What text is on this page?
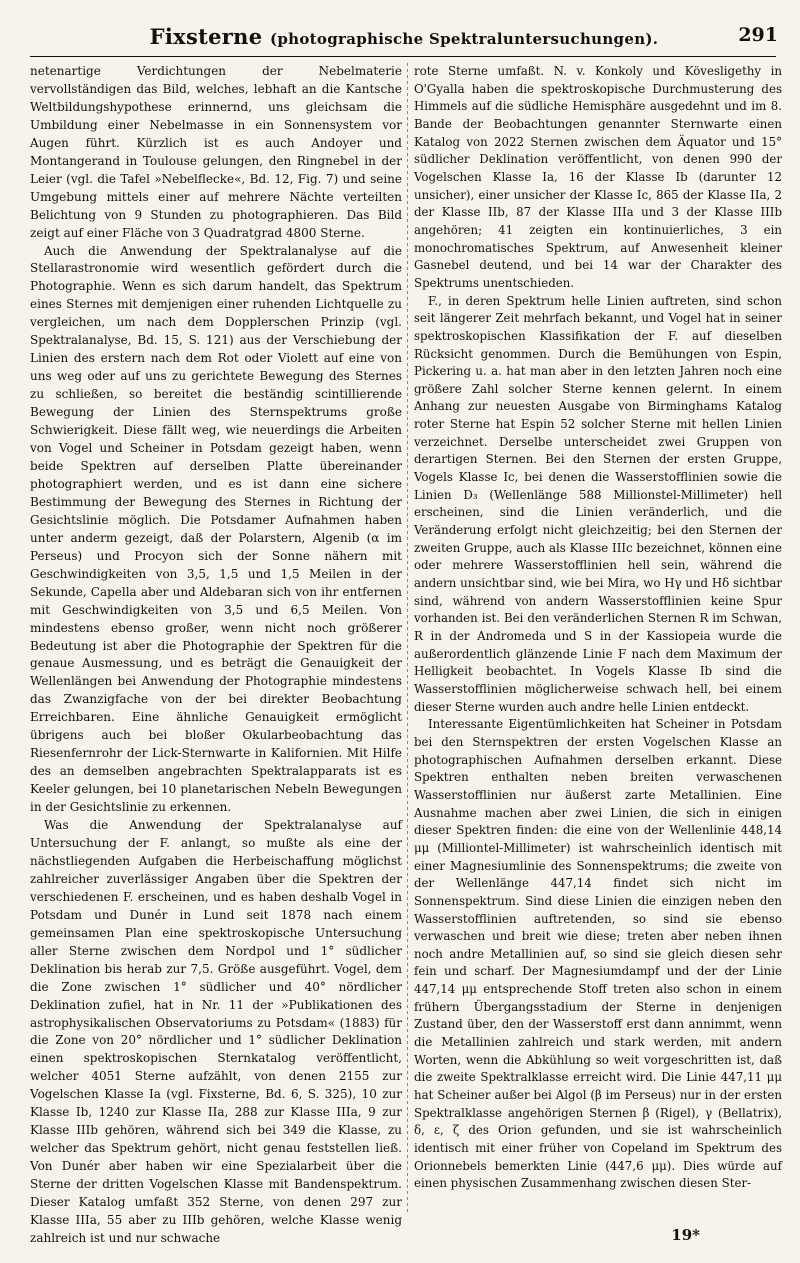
Fixsterne (photographische Spektraluntersuchungen).	291

netenartige Verdichtungen der Nebelmaterie vervollständigen das Bild, welches, lebhaft an die Kantsche Weltbildungshypothese erinnernd, uns gleichsam die Umbildung einer Nebelmasse in ein Sonnensystem vor Augen führt. Kürzlich ist es auch Andoyer und Montangerand in Toulouse gelungen, den Ringnebel in der Leier (vgl. die Tafel »Nebelflecke«, Bd. 12, Fig. 7) und seine Umgebung mittels einer auf mehrere Nächte verteilten Belichtung von 9 Stunden zu photographieren. Das Bild zeigt auf einer Fläche von 3 Quadratgrad 4800 Sterne.

Auch die Anwendung der Spektralanalyse auf die Stellarastronomie wird wesentlich gefördert durch die Photographie. Wenn es sich darum handelt, das Spektrum eines Sternes mit demjenigen einer ruhenden Lichtquelle zu vergleichen, um nach dem Dopplerschen Prinzip (vgl. Spektralanalyse, Bd. 15, S. 121) aus der Verschiebung der Linien des erstern nach dem Rot oder Violett auf eine von uns weg oder auf uns zu gerichtete Bewegung des Sternes zu schließen, so bereitet die beständig scintillierende Bewegung der Linien des Sternspektrums große Schwierigkeit. Diese fällt weg, wie neuerdings die Arbeiten von Vogel und Scheiner in Potsdam gezeigt haben, wenn beide Spektren auf derselben Platte übereinander photographiert werden, und es ist dann eine sichere Bestimmung der Bewegung des Sternes in Richtung der Gesichtslinie möglich. Die Potsdamer Aufnahmen haben unter anderm gezeigt, daß der Polarstern, Algenib (α im Perseus) und Procyon sich der Sonne nähern mit Geschwindigkeiten von 3,5, 1,5 und 1,5 Meilen in der Sekunde, Capella aber und Aldebaran sich von ihr entfernen mit Geschwindigkeiten von 3,5 und 6,5 Meilen. Von mindestens ebenso großer, wenn nicht noch größerer Bedeutung ist aber die Photographie der Spektren für die genaue Ausmessung, und es beträgt die Genauigkeit der Wellenlängen bei Anwendung der Photographie mindestens das Zwanzigfache von der bei direkter Beobachtung Erreichbaren. Eine ähnliche Genauigkeit ermöglicht übrigens auch bei bloßer Okularbeobachtung das Riesenfernrohr der Lick-Sternwarte in Kalifornien. Mit Hilfe des an demselben angebrachten Spektralapparats ist es Keeler gelungen, bei 10 planetarischen Nebeln Bewegungen in der Gesichtslinie zu erkennen.

Was die Anwendung der Spektralanalyse auf Untersuchung der F. anlangt, so mußte als eine der nächstliegenden Aufgaben die Herbeischaffung möglichst zahlreicher zuverlässiger Angaben über die Spektren der verschiedenen F. erscheinen, und es haben deshalb Vogel in Potsdam und Dunér in Lund seit 1878 nach einem gemeinsamen Plan eine spektroskopische Untersuchung aller Sterne zwischen dem Nordpol und 1° südlicher Deklination bis herab zur 7,5. Größe ausgeführt. Vogel, dem die Zone zwischen 1° südlicher und 40° nördlicher Deklination zufiel, hat in Nr. 11 der »Publikationen des astrophysikalischen Observatoriums zu Potsdam« (1883) für die Zone von 20° nördlicher und 1° südlicher Deklination einen spektroskopischen Sternkatalog veröffentlicht, welcher 4051 Sterne aufzählt, von denen 2155 zur Vogelschen Klasse Ia (vgl. Fixsterne, Bd. 6, S. 325), 10 zur Klasse Ib, 1240 zur Klasse IIa, 288 zur Klasse IIIa, 9 zur Klasse IIIb gehören, während sich bei 349 die Klasse, zu welcher das Spektrum gehört, nicht genau feststellen ließ. Von Dunér aber haben wir eine Spezialarbeit über die Sterne der dritten Vogelschen Klasse mit Bandenspektrum. Dieser Katalog umfaßt 352 Sterne, von denen 297 zur Klasse IIIa, 55 aber zu IIIb gehören, welche Klasse wenig zahlreich ist und nur schwache

rote Sterne umfaßt. N. v. Konkoly und Kövesligethy in O'Gyalla haben die spektroskopische Durchmusterung des Himmels auf die südliche Hemisphäre ausgedehnt und im 8. Bande der Beobachtungen genannter Sternwarte einen Katalog von 2022 Sternen zwischen dem Äquator und 15° südlicher Deklination veröffentlicht, von denen 990 der Vogelschen Klasse Ia, 16 der Klasse Ib (darunter 12 unsicher), einer unsicher der Klasse Ic, 865 der Klasse IIa, 2 der Klasse IIb, 87 der Klasse IIIa und 3 der Klasse IIIb angehören; 41 zeigten ein kontinuierliches, 3 ein monochromatisches Spektrum, auf Anwesenheit kleiner Gasnebel deutend, und bei 14 war der Charakter des Spektrums unentschieden.

F., in deren Spektrum helle Linien auftreten, sind schon seit längerer Zeit mehrfach bekannt, und Vogel hat in seiner spektroskopischen Klassifikation der F. auf dieselben Rücksicht genommen. Durch die Bemühungen von Espin, Pickering u. a. hat man aber in den letzten Jahren noch eine größere Zahl solcher Sterne kennen gelernt. In einem Anhang zur neuesten Ausgabe von Birminghams Katalog roter Sterne hat Espin 52 solcher Sterne mit hellen Linien verzeichnet. Derselbe unterscheidet zwei Gruppen von derartigen Sternen. Bei den Sternen der ersten Gruppe, Vogels Klasse Ic, bei denen die Wasserstofflinien sowie die Linien D₃ (Wellenlänge 588 Millionstel-Millimeter) hell erscheinen, sind die Linien veränderlich, und die Veränderung erfolgt nicht gleichzeitig; bei den Sternen der zweiten Gruppe, auch als Klasse IIIc bezeichnet, können eine oder mehrere Wasserstofflinien hell sein, während die andern unsichtbar sind, wie bei Mira, wo Hγ und Hδ sichtbar sind, während von andern Wasserstofflinien keine Spur vorhanden ist. Bei den veränderlichen Sternen R im Schwan, R in der Andromeda und S in der Kassiopeia wurde die außerordentlich glänzende Linie F nach dem Maximum der Helligkeit beobachtet. In Vogels Klasse Ib sind die Wasserstofflinien möglicherweise schwach hell, bei einem dieser Sterne wurden auch andre helle Linien entdeckt.

Interessante Eigentümlichkeiten hat Scheiner in Potsdam bei den Sternspektren der ersten Vogelschen Klasse an photographischen Aufnahmen derselben erkannt. Diese Spektren enthalten neben breiten verwaschenen Wasserstofflinien nur äußerst zarte Metallinien. Eine Ausnahme machen aber zwei Linien, die sich in einigen dieser Spektren finden: die eine von der Wellenlinie 448,14 μμ (Milliontel-Millimeter) ist wahrscheinlich identisch mit einer Magnesiumlinie des Sonnenspektrums; die zweite von der Wellenlänge 447,14 findet sich nicht im Sonnenspektrum. Sind diese Linien die einzigen neben den Wasserstofflinien auftretenden, so sind sie ebenso verwaschen und breit wie diese; treten aber neben ihnen noch andre Metallinien auf, so sind sie gleich diesen sehr fein und scharf. Der Magnesiumdampf und der der Linie 447,14 μμ entsprechende Stoff treten also schon in einem frühern Übergangsstadium der Sterne in denjenigen Zustand über, den der Wasserstoff erst dann annimmt, wenn die Metallinien zahlreich und stark werden, mit andern Worten, wenn die Abkühlung so weit vorgeschritten ist, daß die zweite Spektralklasse erreicht wird. Die Linie 447,11 μμ hat Scheiner außer bei Algol (β im Perseus) nur in der ersten Spektralklasse angehörigen Sternen β (Rigel), γ (Bellatrix), δ, ε, ζ des Orion gefunden, und sie ist wahrscheinlich identisch mit einer früher von Copeland im Spektrum des Orionnebels bemerkten Linie (447,6 μμ). Dies würde auf einen physischen Zusammenhang zwischen diesen Ster-

19*
